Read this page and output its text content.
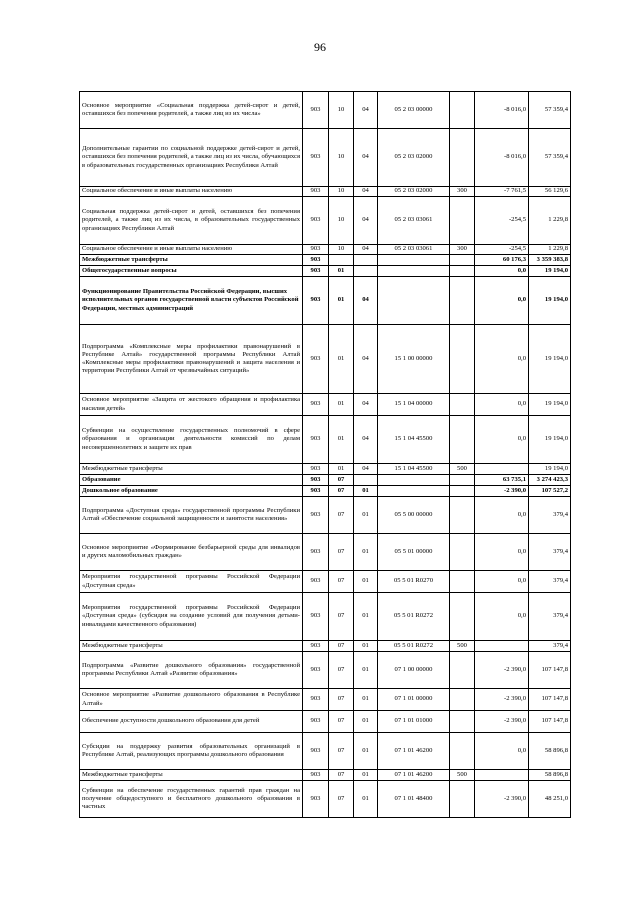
96
Основное мероприятие «Социальная поддержка детей-сирот и детей, оставшихся без попечения родителей, а также лиц из их числа»	903	10	04	05 2 03 00000		-8 016,0	57 359,4
Дополнительные гарантии по социальной поддержке детей-сирот и детей, оставшихся без попечения родителей, а также лиц из их числа, обучающихся в образовательных государственных организациях Республики Алтай	903	10	04	05 2 03 02000		-8 016,0	57 359,4
Социальное обеспечение и иные выплаты населению	903	10	04	05 2 03 02000	300	-7 761,5	56 129,6
Социальная поддержка детей-сирот и детей, оставшихся без попечения родителей, а также лиц из их числа, в образовательных государственных организациях Республики Алтай	903	10	04	05 2 03 03061		-254,5	1 229,8
Социальное обеспечение и иные выплаты населению	903	10	04	05 2 03 03061	300	-254,5	1 229,8
Межбюджетные трансферты	903					60 176,3	3 359 383,8
Общегосударственные вопросы	903	01				0,0	19 194,0
Функционирование Правительства Российской Федерации, высших исполнительных органов государственной власти субъектов Российской Федерации, местных администраций	903	01	04			0,0	19 194,0
Подпрограмма «Комплексные меры профилактики правонарушений в Республике Алтай» государственной программы Республики Алтай «Комплексные меры профилактики правонарушений и защита населения и территории Республики Алтай от чрезвычайных ситуаций»	903	01	04	15 1 00 00000		0,0	19 194,0
Основное мероприятие «Защита от жестокого обращения и профилактика насилия детей»	903	01	04	15 1 04 00000		0,0	19 194,0
Субвенции на осуществление государственных полномочий в сфере образования и организации деятельности комиссий по делам несовершеннолетних и защите их прав	903	01	04	15 1 04 45500		0,0	19 194,0
Межбюджетные трансферты	903	01	04	15 1 04 45500	500		19 194,0
Образование	903	07				63 735,1	3 274 423,3
Дошкольное образование	903	07	01			-2 390,0	107 527,2
Подпрограмма «Доступная среда» государственной программы Республики Алтай «Обеспечение социальной защищенности и занятости населения»	903	07	01	05 5 00 00000		0,0	379,4
Основное мероприятие «Формирование безбарьерной среды для инвалидов и других маломобильных граждан»	903	07	01	05 5 01 00000		0,0	379,4
Мероприятия государственной программы Российской Федерации «Доступная среда»	903	07	01	05 5 01 R0270		0,0	379,4
Мероприятия государственной программы Российской Федерации «Доступная среда» (субсидия на создание условий для получения детьми-инвалидами качественного образования)	903	07	01	05 5 01 R0272		0,0	379,4
Межбюджетные трансферты	903	07	01	05 5 01 R0272	500		379,4
Подпрограмма «Развитие дошкольного образования» государственной программы Республики Алтай «Развитие образования»	903	07	01	07 1 00 00000		-2 390,0	107 147,8
Основное мероприятие «Развитие дошкольного образования в Республике Алтай»	903	07	01	07 1 01 00000		-2 390,0	107 147,8
Обеспечение доступности дошкольного образования для детей	903	07	01	07 1 01 01000		-2 390,0	107 147,8
Субсидии на поддержку развития образовательных организаций в Республике Алтай, реализующих программы дошкольного образования	903	07	01	07 1 01 46200		0,0	58 896,8
Межбюджетные трансферты	903	07	01	07 1 01 46200	500		58 896,8
Субвенции на обеспечение государственных гарантий прав граждан на получение общедоступного и бесплатного дошкольного образования в частных	903	07	01	07 1 01 48400		-2 390,0	48 251,0
